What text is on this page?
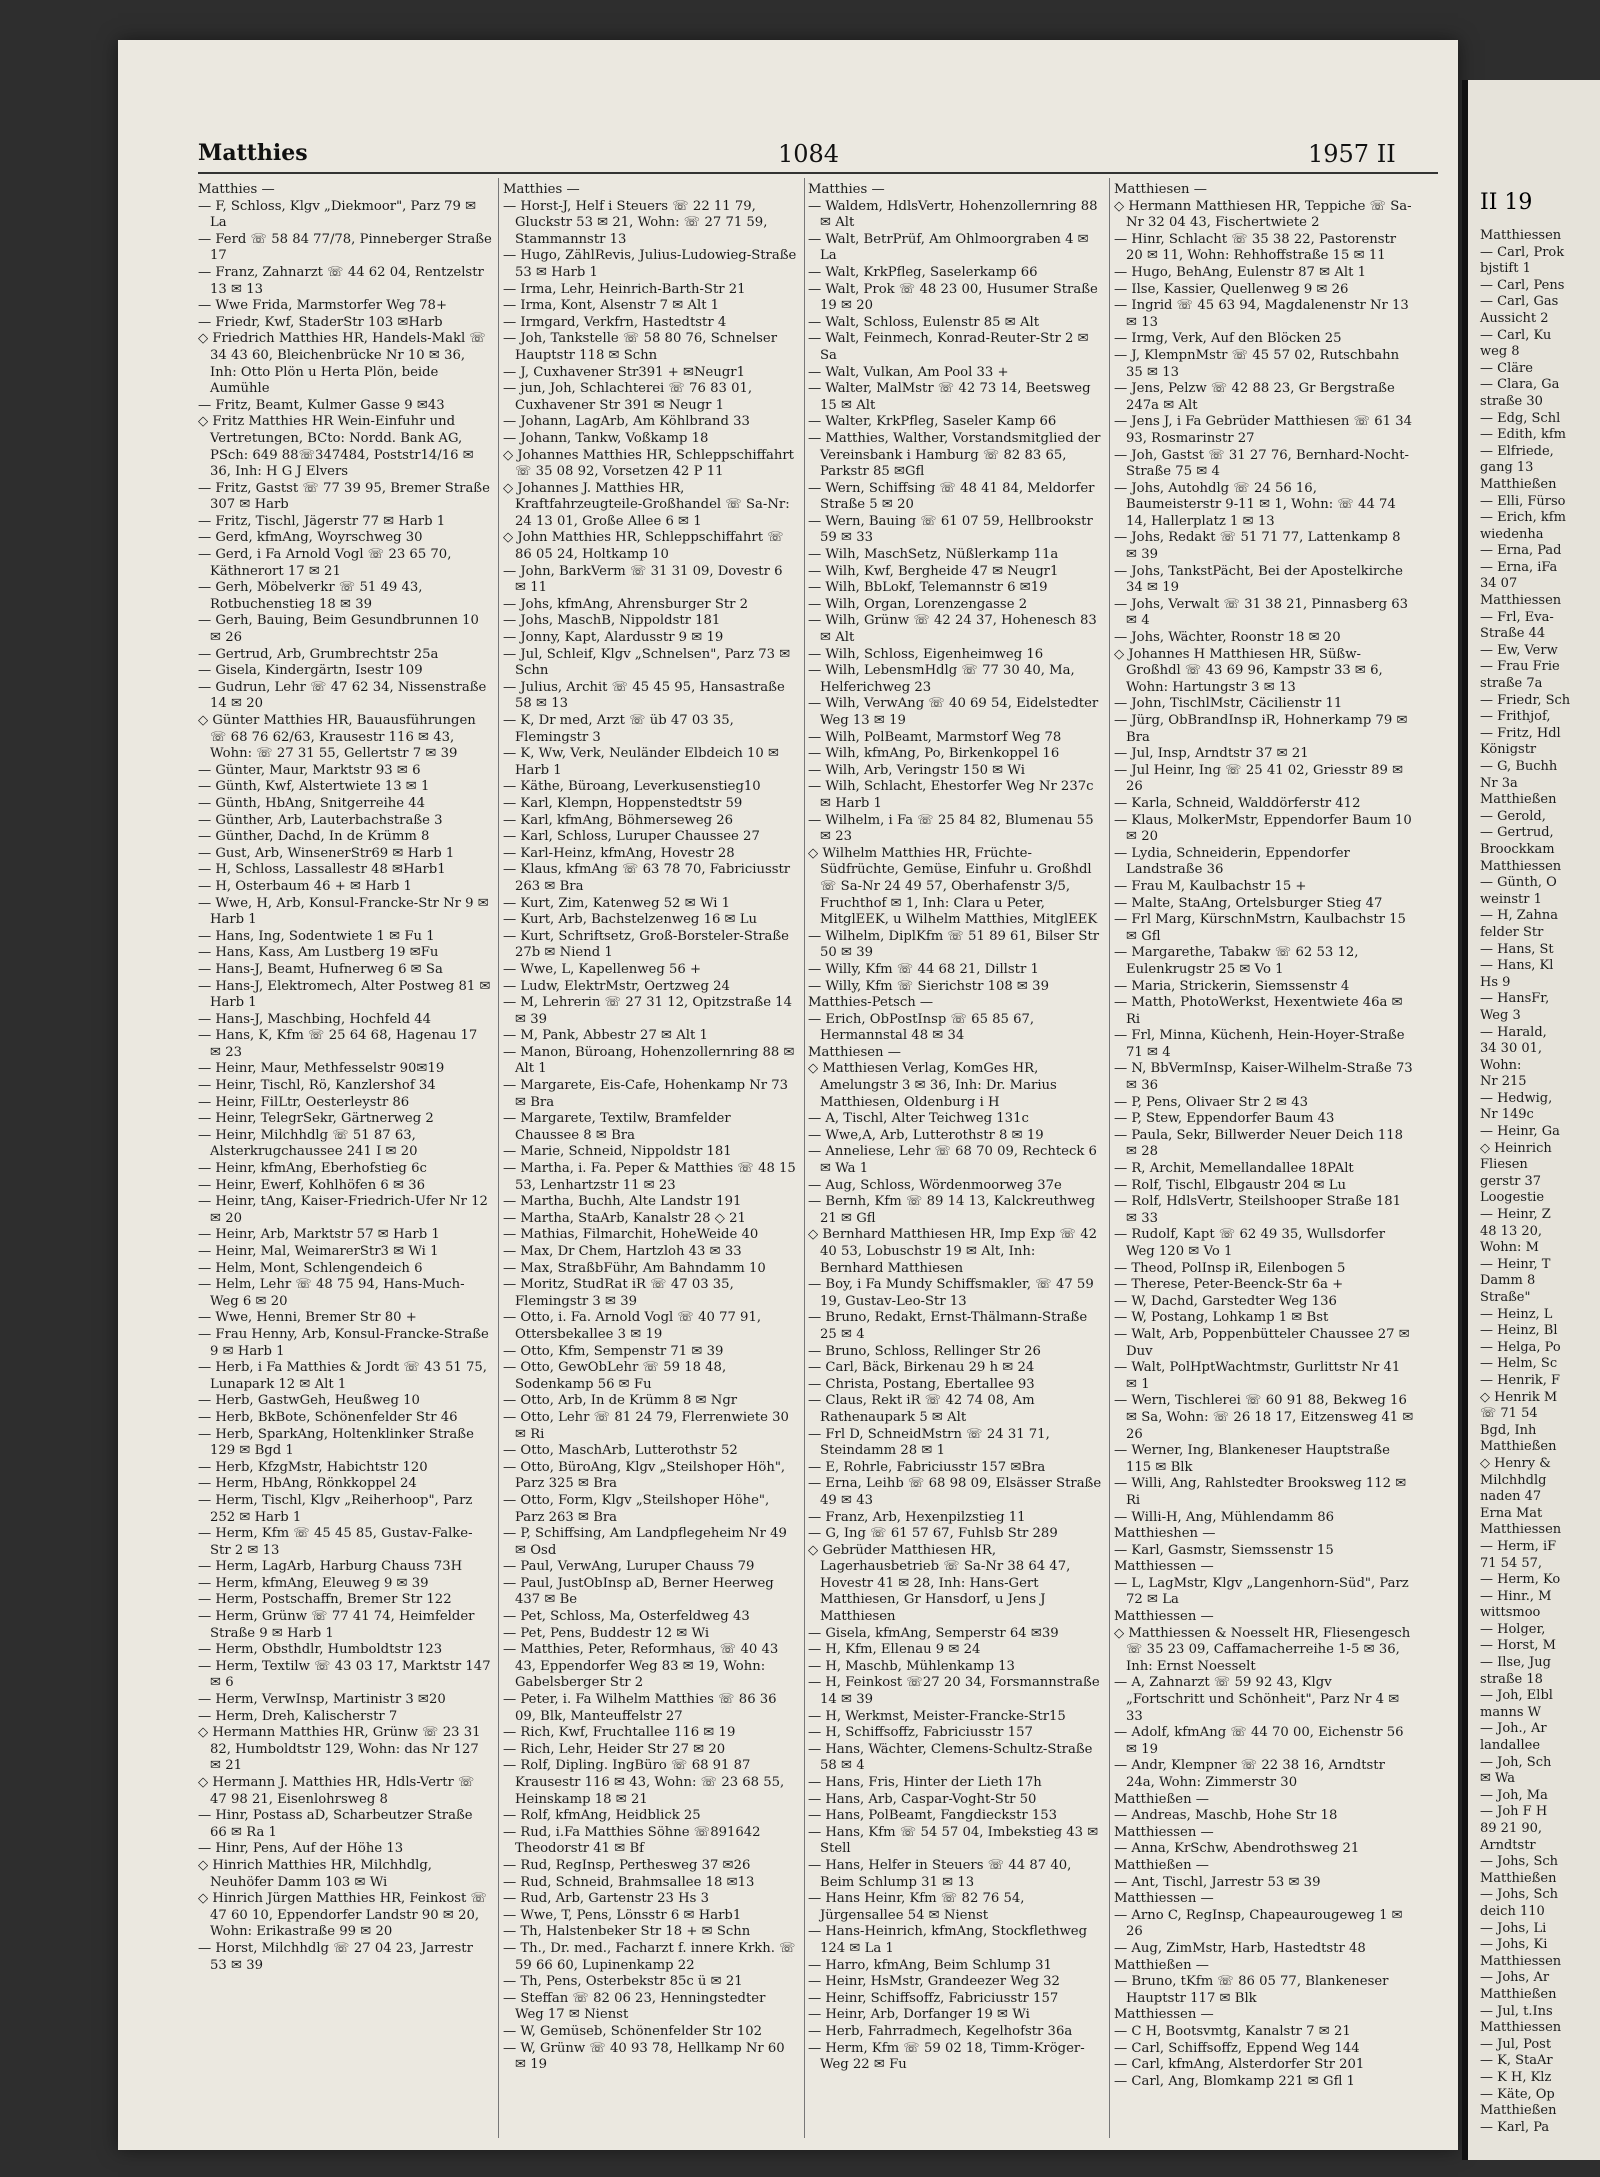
Matthies	1084	1957 II
Matthies —
— F, Schloss, Klgv „Diekmoor", Parz 79 ✉ La
— Ferd ☏ 58 84 77/78, Pinneberger Straße 17
— Franz, Zahnarzt ☏ 44 62 04, Rentzelstr 13 ✉ 13
— Wwe Frida, Marmstorfer Weg 78+
— Friedr, Kwf, StaderStr 103 ✉Harb
◇ Friedrich Matthies HR, Handels-Makl ☏ 34 43 60, Bleichenbrücke Nr 10 ✉ 36, Inh: Otto Plön u Herta Plön, beide Aumühle
— Fritz, Beamt, Kulmer Gasse 9 ✉43
◇ Fritz Matthies HR Wein-Einfuhr und Vertretungen, BCto: Nordd. Bank AG, PSch: 649 88☏347484, Poststr14/16 ✉36, Inh: H G J Elvers
— Fritz, Gastst ☏ 77 39 95, Bremer Straße 307 ✉ Harb
— Fritz, Tischl, Jägerstr 77 ✉ Harb 1
— Gerd, kfmAng, Woyrschweg 30
— Gerd, i Fa Arnold Vogl ☏ 23 65 70, Käthnerort 17 ✉ 21
— Gerh, Möbelverkr ☏ 51 49 43, Rotbuchenstieg 18 ✉ 39
— Gerh, Bauing, Beim Gesundbrunnen 10 ✉ 26
— Gertrud, Arb, Grumbrechtstr 25a
— Gisela, Kindergärtn, Isestr 109
— Gudrun, Lehr ☏ 47 62 34, Nissenstraße 14 ✉ 20
◇ Günter Matthies HR, Bauausführungen ☏ 68 76 62/63, Krausestr 116 ✉ 43, Wohn: ☏ 27 31 55, Gellertstr 7 ✉ 39
— Günter, Maur, Marktstr 93 ✉ 6
— Günth, Kwf, Alstertwiete 13 ✉ 1
— Günth, HbAng, Snitgerreihe 44
— Günther, Arb, Lauterbachstraße 3
— Günther, Dachd, In de Krümm 8
— Gust, Arb, WinsenerStr69 ✉ Harb 1
— H, Schloss, Lassallestr 48 ✉Harb1
— H, Osterbaum 46 + ✉ Harb 1
— Wwe, H, Arb, Konsul-Francke-Str Nr 9 ✉ Harb 1
— Hans, Ing, Sodentwiete 1 ✉ Fu 1
— Hans, Kass, Am Lustberg 19 ✉Fu
— Hans-J, Beamt, Hufnerweg 6 ✉ Sa
— Hans-J, Elektromech, Alter Postweg 81 ✉ Harb 1
— Hans-J, Maschbing, Hochfeld 44
— Hans, K, Kfm ☏ 25 64 68, Hagenau 17 ✉ 23
— Heinr, Maur, Methfesselstr 90✉19
— Heinr, Tischl, Rö, Kanzlershof 34
— Heinr, FilLtr, Oesterleystr 86
— Heinr, TelegrSekr, Gärtnerweg 2
— Heinr, Milchhdlg ☏ 51 87 63, Alsterkrugchaussee 241 I ✉ 20
— Heinr, kfmAng, Eberhofstieg 6c
— Heinr, Ewerf, Kohlhöfen 6 ✉ 36
— Heinr, tAng, Kaiser-Friedrich-Ufer Nr 12 ✉ 20
— Heinr, Arb, Marktstr 57 ✉ Harb 1
— Heinr, Mal, WeimarerStr3 ✉ Wi 1
— Helm, Mont, Schlengendeich 6
— Helm, Lehr ☏ 48 75 94, Hans-Much-Weg 6 ✉ 20
— Wwe, Henni, Bremer Str 80 +
— Frau Henny, Arb, Konsul-Francke-Straße 9 ✉ Harb 1
— Herb, i Fa Matthies & Jordt ☏ 43 51 75, Lunapark 12 ✉ Alt 1
— Herb, GastwGeh, Heußweg 10
— Herb, BkBote, Schönenfelder Str 46
— Herb, SparkAng, Holtenklinker Straße 129 ✉ Bgd 1
— Herb, KfzgMstr, Habichtstr 120
— Herm, HbAng, Rönkkoppel 24
— Herm, Tischl, Klgv „Reiherhoop", Parz 252 ✉ Harb 1
— Herm, Kfm ☏ 45 45 85, Gustav-Falke-Str 2 ✉ 13
— Herm, LagArb, Harburg Chauss 73H
— Herm, kfmAng, Eleuweg 9 ✉ 39
— Herm, Postschaffn, Bremer Str 122
— Herm, Grünw ☏ 77 41 74, Heimfelder Straße 9 ✉ Harb 1
— Herm, Obsthdlr, Humboldtstr 123
— Herm, Textilw ☏ 43 03 17, Marktstr 147 ✉ 6
— Herm, VerwInsp, Martinistr 3 ✉20
— Herm, Dreh, Kalischerstr 7
◇ Hermann Matthies HR, Grünw ☏ 23 31 82, Humboldtstr 129, Wohn: das Nr 127 ✉ 21
◇ Hermann J. Matthies HR, Hdls-Vertr ☏ 47 98 21, Eisenlohrsweg 8
— Hinr, Postass aD, Scharbeutzer Straße 66 ✉ Ra 1
— Hinr, Pens, Auf der Höhe 13
◇ Hinrich Matthies HR, Milchhdlg, Neuhöfer Damm 103 ✉ Wi
◇ Hinrich Jürgen Matthies HR, Feinkost ☏ 47 60 10, Eppendorfer Landstr 90 ✉ 20, Wohn: Erikastraße 99 ✉ 20
— Horst, Milchhdlg ☏ 27 04 23, Jarrestr 53 ✉ 39
Matthies —
— Horst-J, Helf i Steuers ☏ 22 11 79, Gluckstr 53 ✉ 21, Wohn: ☏ 27 71 59, Stammannstr 13
— Hugo, ZählRevis, Julius-Ludowieg-Straße 53 ✉ Harb 1
— Irma, Lehr, Heinrich-Barth-Str 21
— Irma, Kont, Alsenstr 7 ✉ Alt 1
— Irmgard, Verkfrn, Hastedtstr 4
— Joh, Tankstelle ☏ 58 80 76, Schnelser Hauptstr 118 ✉ Schn
— J, Cuxhavener Str391 + ✉Neugr1
— jun, Joh, Schlachterei ☏ 76 83 01, Cuxhavener Str 391 ✉ Neugr 1
— Johann, LagArb, Am Köhlbrand 33
— Johann, Tankw, Voßkamp 18
◇ Johannes Matthies HR, Schleppschiffahrt ☏ 35 08 92, Vorsetzen 42 P 11
◇ Johannes J. Matthies HR, Kraftfahrzeugteile-Großhandel ☏ Sa-Nr: 24 13 01, Große Allee 6 ✉ 1
◇ John Matthies HR, Schleppschiffahrt ☏ 86 05 24, Holtkamp 10
— John, BarkVerm ☏ 31 31 09, Dovestr 6 ✉ 11
— Johs, kfmAng, Ahrensburger Str 2
— Johs, MaschB, Nippoldstr 181
— Jonny, Kapt, Alardusstr 9 ✉ 19
— Jul, Schleif, Klgv „Schnelsen", Parz 73 ✉ Schn
— Julius, Archit ☏ 45 45 95, Hansastraße 58 ✉ 13
— K, Dr med, Arzt ☏ üb 47 03 35, Flemingstr 3
— K, Ww, Verk, Neuländer Elbdeich 10 ✉ Harb 1
— Käthe, Büroang, Leverkusenstieg10
— Karl, Klempn, Hoppenstedtstr 59
— Karl, kfmAng, Böhmerseweg 26
— Karl, Schloss, Luruper Chaussee 27
— Karl-Heinz, kfmAng, Hovestr 28
— Klaus, kfmAng ☏ 63 78 70, Fabriciusstr 263 ✉ Bra
— Kurt, Zim, Katenweg 52 ✉ Wi 1
— Kurt, Arb, Bachstelzenweg 16 ✉ Lu
— Kurt, Schriftsetz, Groß-Borsteler-Straße 27b ✉ Niend 1
— Wwe, L, Kapellenweg 56 +
— Ludw, ElektrMstr, Oertzweg 24
— M, Lehrerin ☏ 27 31 12, Opitzstraße 14 ✉ 39
— M, Pank, Abbestr 27 ✉ Alt 1
— Manon, Büroang, Hohenzollernring 88 ✉ Alt 1
— Margarete, Eis-Cafe, Hohenkamp Nr 73 ✉ Bra
— Margarete, Textilw, Bramfelder Chaussee 8 ✉ Bra
— Marie, Schneid, Nippoldstr 181
— Martha, i. Fa. Peper & Matthies ☏ 48 15 53, Lenhartzstr 11 ✉ 23
— Martha, Buchh, Alte Landstr 191
— Martha, StaArb, Kanalstr 28 ◇ 21
— Mathias, Filmarchit, HoheWeide 40
— Max, Dr Chem, Hartzloh 43 ✉ 33
— Max, StraßbFühr, Am Bahndamm 10
— Moritz, StudRat iR ☏ 47 03 35, Flemingstr 3 ✉ 39
— Otto, i. Fa. Arnold Vogl ☏ 40 77 91, Ottersbekallee 3 ✉ 19
— Otto, Kfm, Sempenstr 71 ✉ 39
— Otto, GewObLehr ☏ 59 18 48, Sodenkamp 56 ✉ Fu
— Otto, Arb, In de Krümm 8 ✉ Ngr
— Otto, Lehr ☏ 81 24 79, Flerrenwiete 30 ✉ Ri
— Otto, MaschArb, Lutterothstr 52
— Otto, BüroAng, Klgv „Steilshoper Höh", Parz 325 ✉ Bra
— Otto, Form, Klgv „Steilshoper Höhe", Parz 263 ✉ Bra
— P, Schiffsing, Am Landpflegeheim Nr 49 ✉ Osd
— Paul, VerwAng, Luruper Chauss 79
— Paul, JustObInsp aD, Berner Heerweg 437 ✉ Be
— Pet, Schloss, Ma, Osterfeldweg 43
— Pet, Pens, Buddestr 12 ✉ Wi
— Matthies, Peter, Reformhaus, ☏ 40 43 43, Eppendorfer Weg 83 ✉ 19, Wohn: Gabelsberger Str 2
— Peter, i. Fa Wilhelm Matthies ☏ 86 36 09, Blk, Manteuffelstr 27
— Rich, Kwf, Fruchtallee 116 ✉ 19
— Rich, Lehr, Heider Str 27 ✉ 20
— Rolf, Dipling. IngBüro ☏ 68 91 87 Krausestr 116 ✉ 43, Wohn: ☏ 23 68 55, Heinskamp 18 ✉ 21
— Rolf, kfmAng, Heidblick 25
— Rud, i.Fa Matthies Söhne ☏891642 Theodorstr 41 ✉ Bf
— Rud, RegInsp, Perthesweg 37 ✉26
— Rud, Schneid, Brahmsallee 18 ✉13
— Rud, Arb, Gartenstr 23 Hs 3
— Wwe, T, Pens, Lönsstr 6 ✉ Harb1
— Th, Halstenbeker Str 18 + ✉ Schn
— Th., Dr. med., Facharzt f. innere Krkh. ☏ 59 66 60, Lupinenkamp 22
— Th, Pens, Osterbekstr 85c ü ✉ 21
— Steffan ☏ 82 06 23, Henningstedter Weg 17 ✉ Nienst
— W, Gemüseb, Schönenfelder Str 102
— W, Grünw ☏ 40 93 78, Hellkamp Nr 60 ✉ 19
Matthies —
— Waldem, HdlsVertr, Hohenzollernring 88 ✉ Alt
— Walt, BetrPrüf, Am Ohlmoorgraben 4 ✉ La
— Walt, KrkPfleg, Saselerkamp 66
— Walt, Prok ☏ 48 23 00, Husumer Straße 19 ✉ 20
— Walt, Schloss, Eulenstr 85 ✉ Alt
— Walt, Feinmech, Konrad-Reuter-Str 2 ✉ Sa
— Walt, Vulkan, Am Pool 33 +
— Walter, MalMstr ☏ 42 73 14, Beetsweg 15 ✉ Alt
— Walter, KrkPfleg, Saseler Kamp 66
— Matthies, Walther, Vorstandsmitglied der Vereinsbank i Hamburg ☏ 82 83 65, Parkstr 85 ✉Gfl
— Wern, Schiffsing ☏ 48 41 84, Meldorfer Straße 5 ✉ 20
— Wern, Bauing ☏ 61 07 59, Hellbrookstr 59 ✉ 33
— Wilh, MaschSetz, Nüßlerkamp 11a
— Wilh, Kwf, Bergheide 47 ✉ Neugr1
— Wilh, BbLokf, Telemannstr 6 ✉19
— Wilh, Organ, Lorenzengasse 2
— Wilh, Grünw ☏ 42 24 37, Hohenesch 83 ✉ Alt
— Wilh, Schloss, Eigenheimweg 16
— Wilh, LebensmHdlg ☏ 77 30 40, Ma, Helferichweg 23
— Wilh, VerwAng ☏ 40 69 54, Eidelstedter Weg 13 ✉ 19
— Wilh, PolBeamt, Marmstorf Weg 78
— Wilh, kfmAng, Po, Birkenkoppel 16
— Wilh, Arb, Veringstr 150 ✉ Wi
— Wilh, Schlacht, Ehestorfer Weg Nr 237c ✉ Harb 1
— Wilhelm, i Fa ☏ 25 84 82, Blumenau 55 ✉ 23
◇ Wilhelm Matthies HR, Früchte-Südfrüchte, Gemüse, Einfuhr u. Großhdl ☏ Sa-Nr 24 49 57, Oberhafenstr 3/5, Fruchthof ✉ 1, Inh: Clara u Peter, MitglEEK, u Wilhelm Matthies, MitglEEK
— Wilhelm, DiplKfm ☏ 51 89 61, Bilser Str 50 ✉ 39
— Willy, Kfm ☏ 44 68 21, Dillstr 1
— Willy, Kfm ☏ Sierichstr 108 ✉ 39
Matthies-Petsch —
— Erich, ObPostInsp ☏ 65 85 67, Hermannstal 48 ✉ 34
Matthiesen —
◇ Matthiesen Verlag, KomGes HR, Amelungstr 3 ✉ 36, Inh: Dr. Marius Matthiesen, Oldenburg i H
— A, Tischl, Alter Teichweg 131c
— Wwe,A, Arb, Lutterothstr 8 ✉ 19
— Anneliese, Lehr ☏ 68 70 09, Rechteck 6 ✉ Wa 1
— Aug, Schloss, Wördenmoorweg 37e
— Bernh, Kfm ☏ 89 14 13, Kalckreuthweg 21 ✉ Gfl
◇ Bernhard Matthiesen HR, Imp Exp ☏ 42 40 53, Lobuschstr 19 ✉ Alt, Inh: Bernhard Matthiesen
— Boy, i Fa Mundy Schiffsmakler, ☏ 47 59 19, Gustav-Leo-Str 13
— Bruno, Redakt, Ernst-Thälmann-Straße 25 ✉ 4
— Bruno, Schloss, Rellinger Str 26
— Carl, Bäck, Birkenau 29 h ✉ 24
— Christa, Postang, Ebertallee 93
— Claus, Rekt iR ☏ 42 74 08, Am Rathenaupark 5 ✉ Alt
— Frl D, SchneidMstrn ☏ 24 31 71, Steindamm 28 ✉ 1
— E, Rohrle, Fabriciusstr 157 ✉Bra
— Erna, Leihb ☏ 68 98 09, Elsässer Straße 49 ✉ 43
— Franz, Arb, Hexenpilzstieg 11
— G, Ing ☏ 61 57 67, Fuhlsb Str 289
◇ Gebrüder Matthiesen HR, Lagerhausbetrieb ☏ Sa-Nr 38 64 47, Hovestr 41 ✉ 28, Inh: Hans-Gert Matthiesen, Gr Hansdorf, u Jens J Matthiesen
— Gisela, kfmAng, Semperstr 64 ✉39
— H, Kfm, Ellenau 9 ✉ 24
— H, Maschb, Mühlenkamp 13
— H, Feinkost ☏27 20 34, Forsmannstraße 14 ✉ 39
— H, Werkmst, Meister-Francke-Str15
— H, Schiffsoffz, Fabriciusstr 157
— Hans, Wächter, Clemens-Schultz-Straße 58 ✉ 4
— Hans, Fris, Hinter der Lieth 17h
— Hans, Arb, Caspar-Voght-Str 50
— Hans, PolBeamt, Fangdieckstr 153
— Hans, Kfm ☏ 54 57 04, Imbekstieg 43 ✉ Stell
— Hans, Helfer in Steuers ☏ 44 87 40, Beim Schlump 31 ✉ 13
— Hans Heinr, Kfm ☏ 82 76 54, Jürgensallee 54 ✉ Nienst
— Hans-Heinrich, kfmAng, Stockflethweg 124 ✉ La 1
— Harro, kfmAng, Beim Schlump 31
— Heinr, HsMstr, Grandeezer Weg 32
— Heinr, Schiffsoffz, Fabriciusstr 157
— Heinr, Arb, Dorfanger 19 ✉ Wi
— Herb, Fahrradmech, Kegelhofstr 36a
— Herm, Kfm ☏ 59 02 18, Timm-Kröger-Weg 22 ✉ Fu
Matthiesen —
◇ Hermann Matthiesen HR, Teppiche ☏ Sa-Nr 32 04 43, Fischertwiete 2
— Hinr, Schlacht ☏ 35 38 22, Pastorenstr 20 ✉ 11, Wohn: Rehhoffstraße 15 ✉ 11
— Hugo, BehAng, Eulenstr 87 ✉ Alt 1
— Ilse, Kassier, Quellenweg 9 ✉ 26
— Ingrid ☏ 45 63 94, Magdalenenstr Nr 13 ✉ 13
— Irmg, Verk, Auf den Blöcken 25
— J, KlempnMstr ☏ 45 57 02, Rutschbahn 35 ✉ 13
— Jens, Pelzw ☏ 42 88 23, Gr Bergstraße 247a ✉ Alt
— Jens J, i Fa Gebrüder Matthiesen ☏ 61 34 93, Rosmarinstr 27
— Joh, Gastst ☏ 31 27 76, Bernhard-Nocht-Straße 75 ✉ 4
— Johs, Autohdlg ☏ 24 56 16, Baumeisterstr 9-11 ✉ 1, Wohn: ☏ 44 74 14, Hallerplatz 1 ✉ 13
— Johs, Redakt ☏ 51 71 77, Lattenkamp 8 ✉ 39
— Johs, TankstPächt, Bei der Apostelkirche 34 ✉ 19
— Johs, Verwalt ☏ 31 38 21, Pinnasberg 63 ✉ 4
— Johs, Wächter, Roonstr 18 ✉ 20
◇ Johannes H Matthiesen HR, Süßw-Großhdl ☏ 43 69 96, Kampstr 33 ✉ 6, Wohn: Hartungstr 3 ✉ 13
— John, TischlMstr, Cäcilienstr 11
— Jürg, ObBrandInsp iR, Hohnerkamp 79 ✉ Bra
— Jul, Insp, Arndtstr 37 ✉ 21
— Jul Heinr, Ing ☏ 25 41 02, Griesstr 89 ✉ 26
— Karla, Schneid, Walddörferstr 412
— Klaus, MolkerMstr, Eppendorfer Baum 10 ✉ 20
— Lydia, Schneiderin, Eppendorfer Landstraße 36
— Frau M, Kaulbachstr 15 +
— Malte, StaAng, Ortelsburger Stieg 47
— Frl Marg, KürschnMstrn, Kaulbachstr 15 ✉ Gfl
— Margarethe, Tabakw ☏ 62 53 12, Eulenkrugstr 25 ✉ Vo 1
— Maria, Strickerin, Siemssenstr 4
— Matth, PhotoWerkst, Hexentwiete 46a ✉ Ri
— Frl, Minna, Küchenh, Hein-Hoyer-Straße 71 ✉ 4
— N, BbVermInsp, Kaiser-Wilhelm-Straße 73 ✉ 36
— P, Pens, Olivaer Str 2 ✉ 43
— P, Stew, Eppendorfer Baum 43
— Paula, Sekr, Billwerder Neuer Deich 118 ✉ 28
— R, Archit, Memellandallee 18PAlt
— Rolf, Tischl, Elbgaustr 204 ✉ Lu
— Rolf, HdlsVertr, Steilshooper Straße 181 ✉ 33
— Rudolf, Kapt ☏ 62 49 35, Wullsdorfer Weg 120 ✉ Vo 1
— Theod, PolInsp iR, Eilenbogen 5
— Therese, Peter-Beenck-Str 6a +
— W, Dachd, Garstedter Weg 136
— W, Postang, Lohkamp 1 ✉ Bst
— Walt, Arb, Poppenbütteler Chaussee 27 ✉ Duv
— Walt, PolHptWachtmstr, Gurlittstr Nr 41 ✉ 1
— Wern, Tischlerei ☏ 60 91 88, Bekweg 16 ✉ Sa, Wohn: ☏ 26 18 17, Eitzensweg 41 ✉ 26
— Werner, Ing, Blankeneser Hauptstraße 115 ✉ Blk
— Willi, Ang, Rahlstedter Brooksweg 112 ✉ Ri
— Willi-H, Ang, Mühlendamm 86
Matthieshen —
— Karl, Gasmstr, Siemssenstr 15
Matthiessen —
— L, LagMstr, Klgv „Langenhorn-Süd", Parz 72 ✉ La
Matthiessen —
◇ Matthiessen & Noesselt HR, Fliesengesch ☏ 35 23 09, Caffamacherreihe 1-5 ✉ 36, Inh: Ernst Noesselt
— A, Zahnarzt ☏ 59 92 43, Klgv „Fortschritt und Schönheit", Parz Nr 4 ✉ 33
— Adolf, kfmAng ☏ 44 70 00, Eichenstr 56 ✉ 19
— Andr, Klempner ☏ 22 38 16, Arndtstr 24a, Wohn: Zimmerstr 30
Matthießen —
— Andreas, Maschb, Hohe Str 18
Matthiessen —
— Anna, KrSchw, Abendrothsweg 21
Matthießen —
— Ant, Tischl, Jarrestr 53 ✉ 39
Matthiessen —
— Arno C, RegInsp, Chapeaurougeweg 1 ✉ 26
— Aug, ZimMstr, Harb, Hastedtstr 48
Matthießen —
— Bruno, tKfm ☏ 86 05 77, Blankeneser Hauptstr 117 ✉ Blk
Matthiessen —
— C H, Bootsvmtg, Kanalstr 7 ✉ 21
— Carl, Schiffsoffz, Eppend Weg 144
— Carl, kfmAng, Alsterdorfer Str 201
— Carl, Ang, Blomkamp 221 ✉ Gfl 1
II 19
Matthiessen
— Carl, Prok
bjstift 1
— Carl, Pens
— Carl, Gas
Aussicht 2
— Carl, Ku
weg 8
— Cläre
— Clara, Ga
straße 30
— Edg, Schl
— Edith, kfm
— Elfriede,
gang 13
Matthießen
— Elli, Fürso
— Erich, kfm
wiedenha
— Erna, Pad
— Erna, iFa
34 07
Matthiessen
— Frl, Eva-
Straße 44
— Ew, Verw
— Frau Frie
straße 7a
— Friedr, Sch
— Frithjof,
— Fritz, Hdl
Königstr
— G, Buchh
Nr 3a
Matthießen
— Gerold,
— Gertrud,
Broockkam
Matthiessen
— Günth, O
weinstr 1
— H, Zahna
felder Str
— Hans, St
— Hans, Kl
Hs 9
— HansFr,
Weg 3
— Harald,
34 30 01,
Wohn:
Nr 215
— Hedwig,
Nr 149c
— Heinr, Ga
◇ Heinrich
Fliesen
gerstr 37
Loogestie
— Heinr, Z
48 13 20,
Wohn: M
— Heinr, T
Damm 8
Straße"
— Heinz, L
— Heinz, Bl
— Helga, Po
— Helm, Sc
— Henrik, F
◇ Henrik M
☏ 71 54
Bgd, Inh
Matthießen
◇ Henry &
Milchhdlg
naden 47
Erna Mat
Matthiessen
— Herm, iF
71 54 57,
— Herm, Ko
— Hinr., M
wittsmoo
— Holger,
— Horst, M
— Ilse, Jug
straße 18
— Joh, Elbl
manns W
— Joh., Ar
landallee
— Joh, Sch
✉ Wa
— Joh, Ma
— Joh F H
89 21 90,
Arndtstr
— Johs, Sch
Matthießen
— Johs, Sch
deich 110
— Johs, Li
— Johs, Ki
Matthiessen
— Johs, Ar
Matthießen
— Jul, t.Ins
Matthiessen
— Jul, Post
— K, StaAr
— K H, Klz
— Käte, Op
Matthießen
— Karl, Pa
